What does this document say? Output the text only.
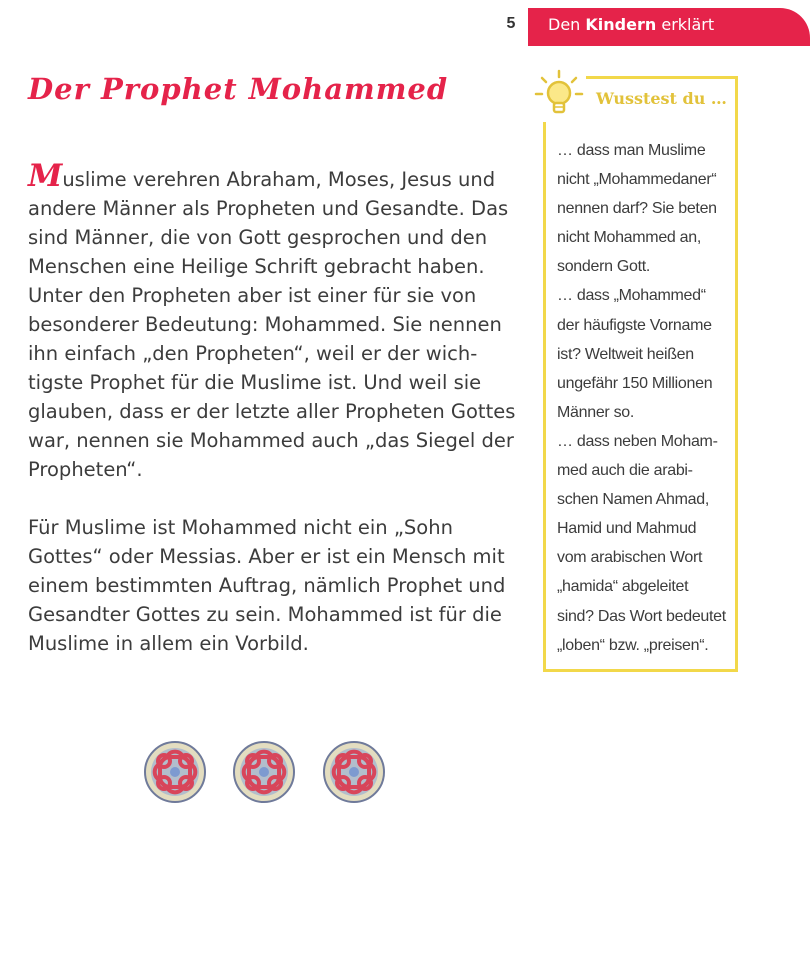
5	Den Kindern erklärt
Der Prophet Mohammed

Muslime verehren Abraham, Moses, Jesus und
andere Männer als Propheten und Gesandte. Das
sind Männer, die von Gott gesprochen und den
Menschen eine Heilige Schrift gebracht haben.
Unter den Propheten aber ist einer für sie von
besonderer Bedeutung: Mohammed. Sie nennen
ihn einfach „den Propheten“, weil er der wich-
tigste Prophet für die Muslime ist. Und weil sie
glauben, dass er der letzte aller Propheten Gottes
war, nennen sie Mohammed auch „das Siegel der
Propheten“.

Für Muslime ist Mohammed nicht ein „Sohn
Gottes“ oder Messias. Aber er ist ein Mensch mit
einem bestimmten Auftrag, nämlich Prophet und
Gesandter Gottes zu sein. Mohammed ist für die
Muslime in allem ein Vorbild.

Wusstest du …
… dass man Muslime
nicht „Mohammedaner“
nennen darf? Sie beten
nicht Mohammed an,
sondern Gott.
… dass „Mohammed“
der häufigste Vorname
ist? Weltweit heißen
ungefähr 150 Millionen
Männer so.
… dass neben Moham-
med auch die arabi-
schen Namen Ahmad,
Hamid und Mahmud
vom arabischen Wort
„hamida“ abgeleitet
sind? Das Wort bedeutet
„loben“ bzw. „preisen“.
